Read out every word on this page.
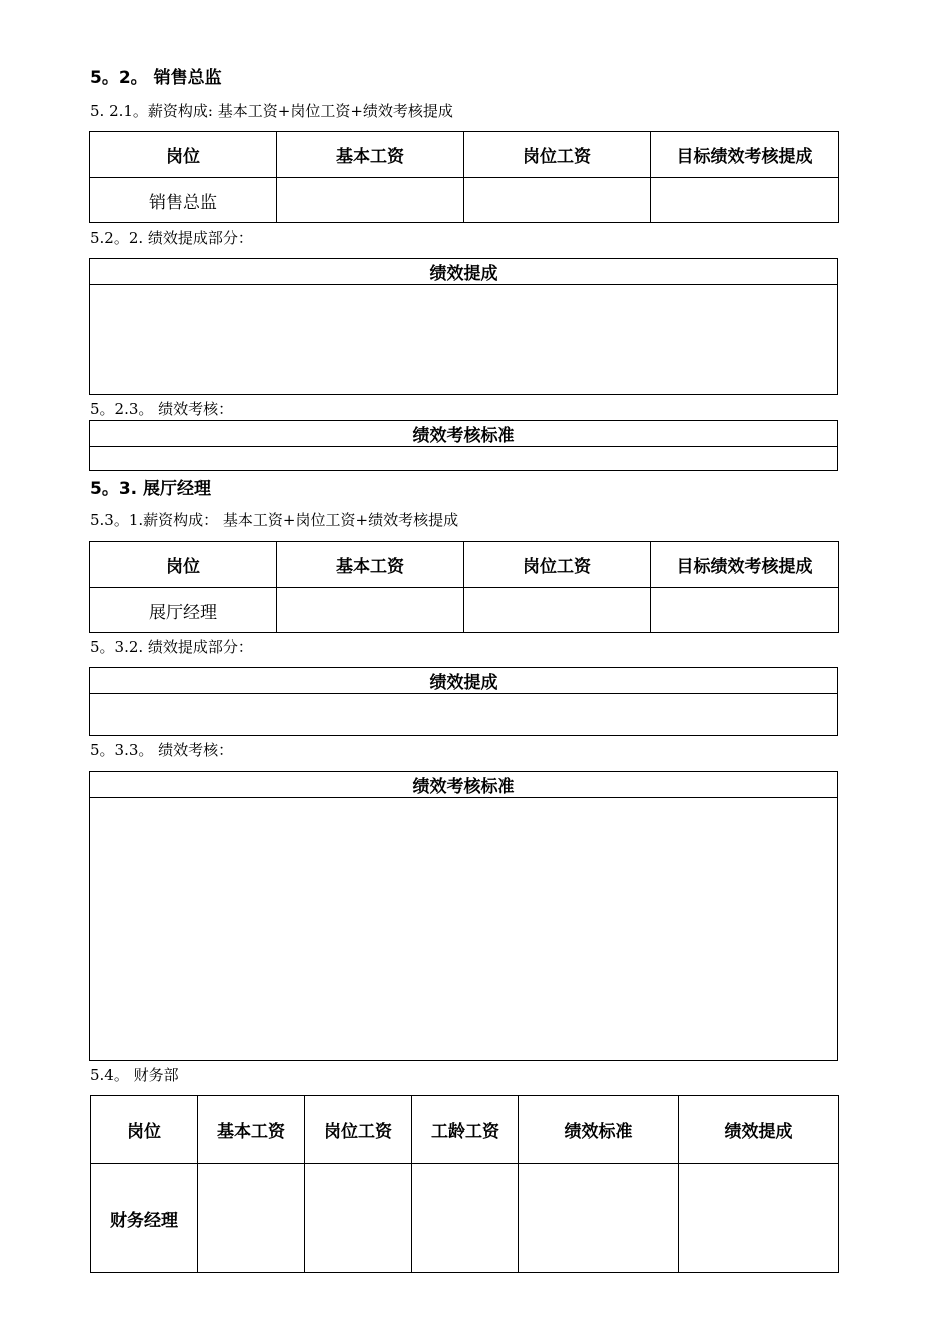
5。2。 销售总监
5. 2.1。薪资构成: 基本工资+岗位工资+绩效考核提成
岗位	基本工资	岗位工资	目标绩效考核提成
销售总监			
5.2。2. 绩效提成部分：
绩效提成

5。2.3。 绩效考核：
绩效考核标准

5。3. 展厅经理
5.3。1.薪资构成： 基本工资+岗位工资+绩效考核提成
岗位	基本工资	岗位工资	目标绩效考核提成
展厅经理			
5。3.2. 绩效提成部分：
绩效提成

5。3.3。 绩效考核：
绩效考核标准

5.4。 财务部
岗位	基本工资	岗位工资	工龄工资	绩效标准	绩效提成
财务经理					
